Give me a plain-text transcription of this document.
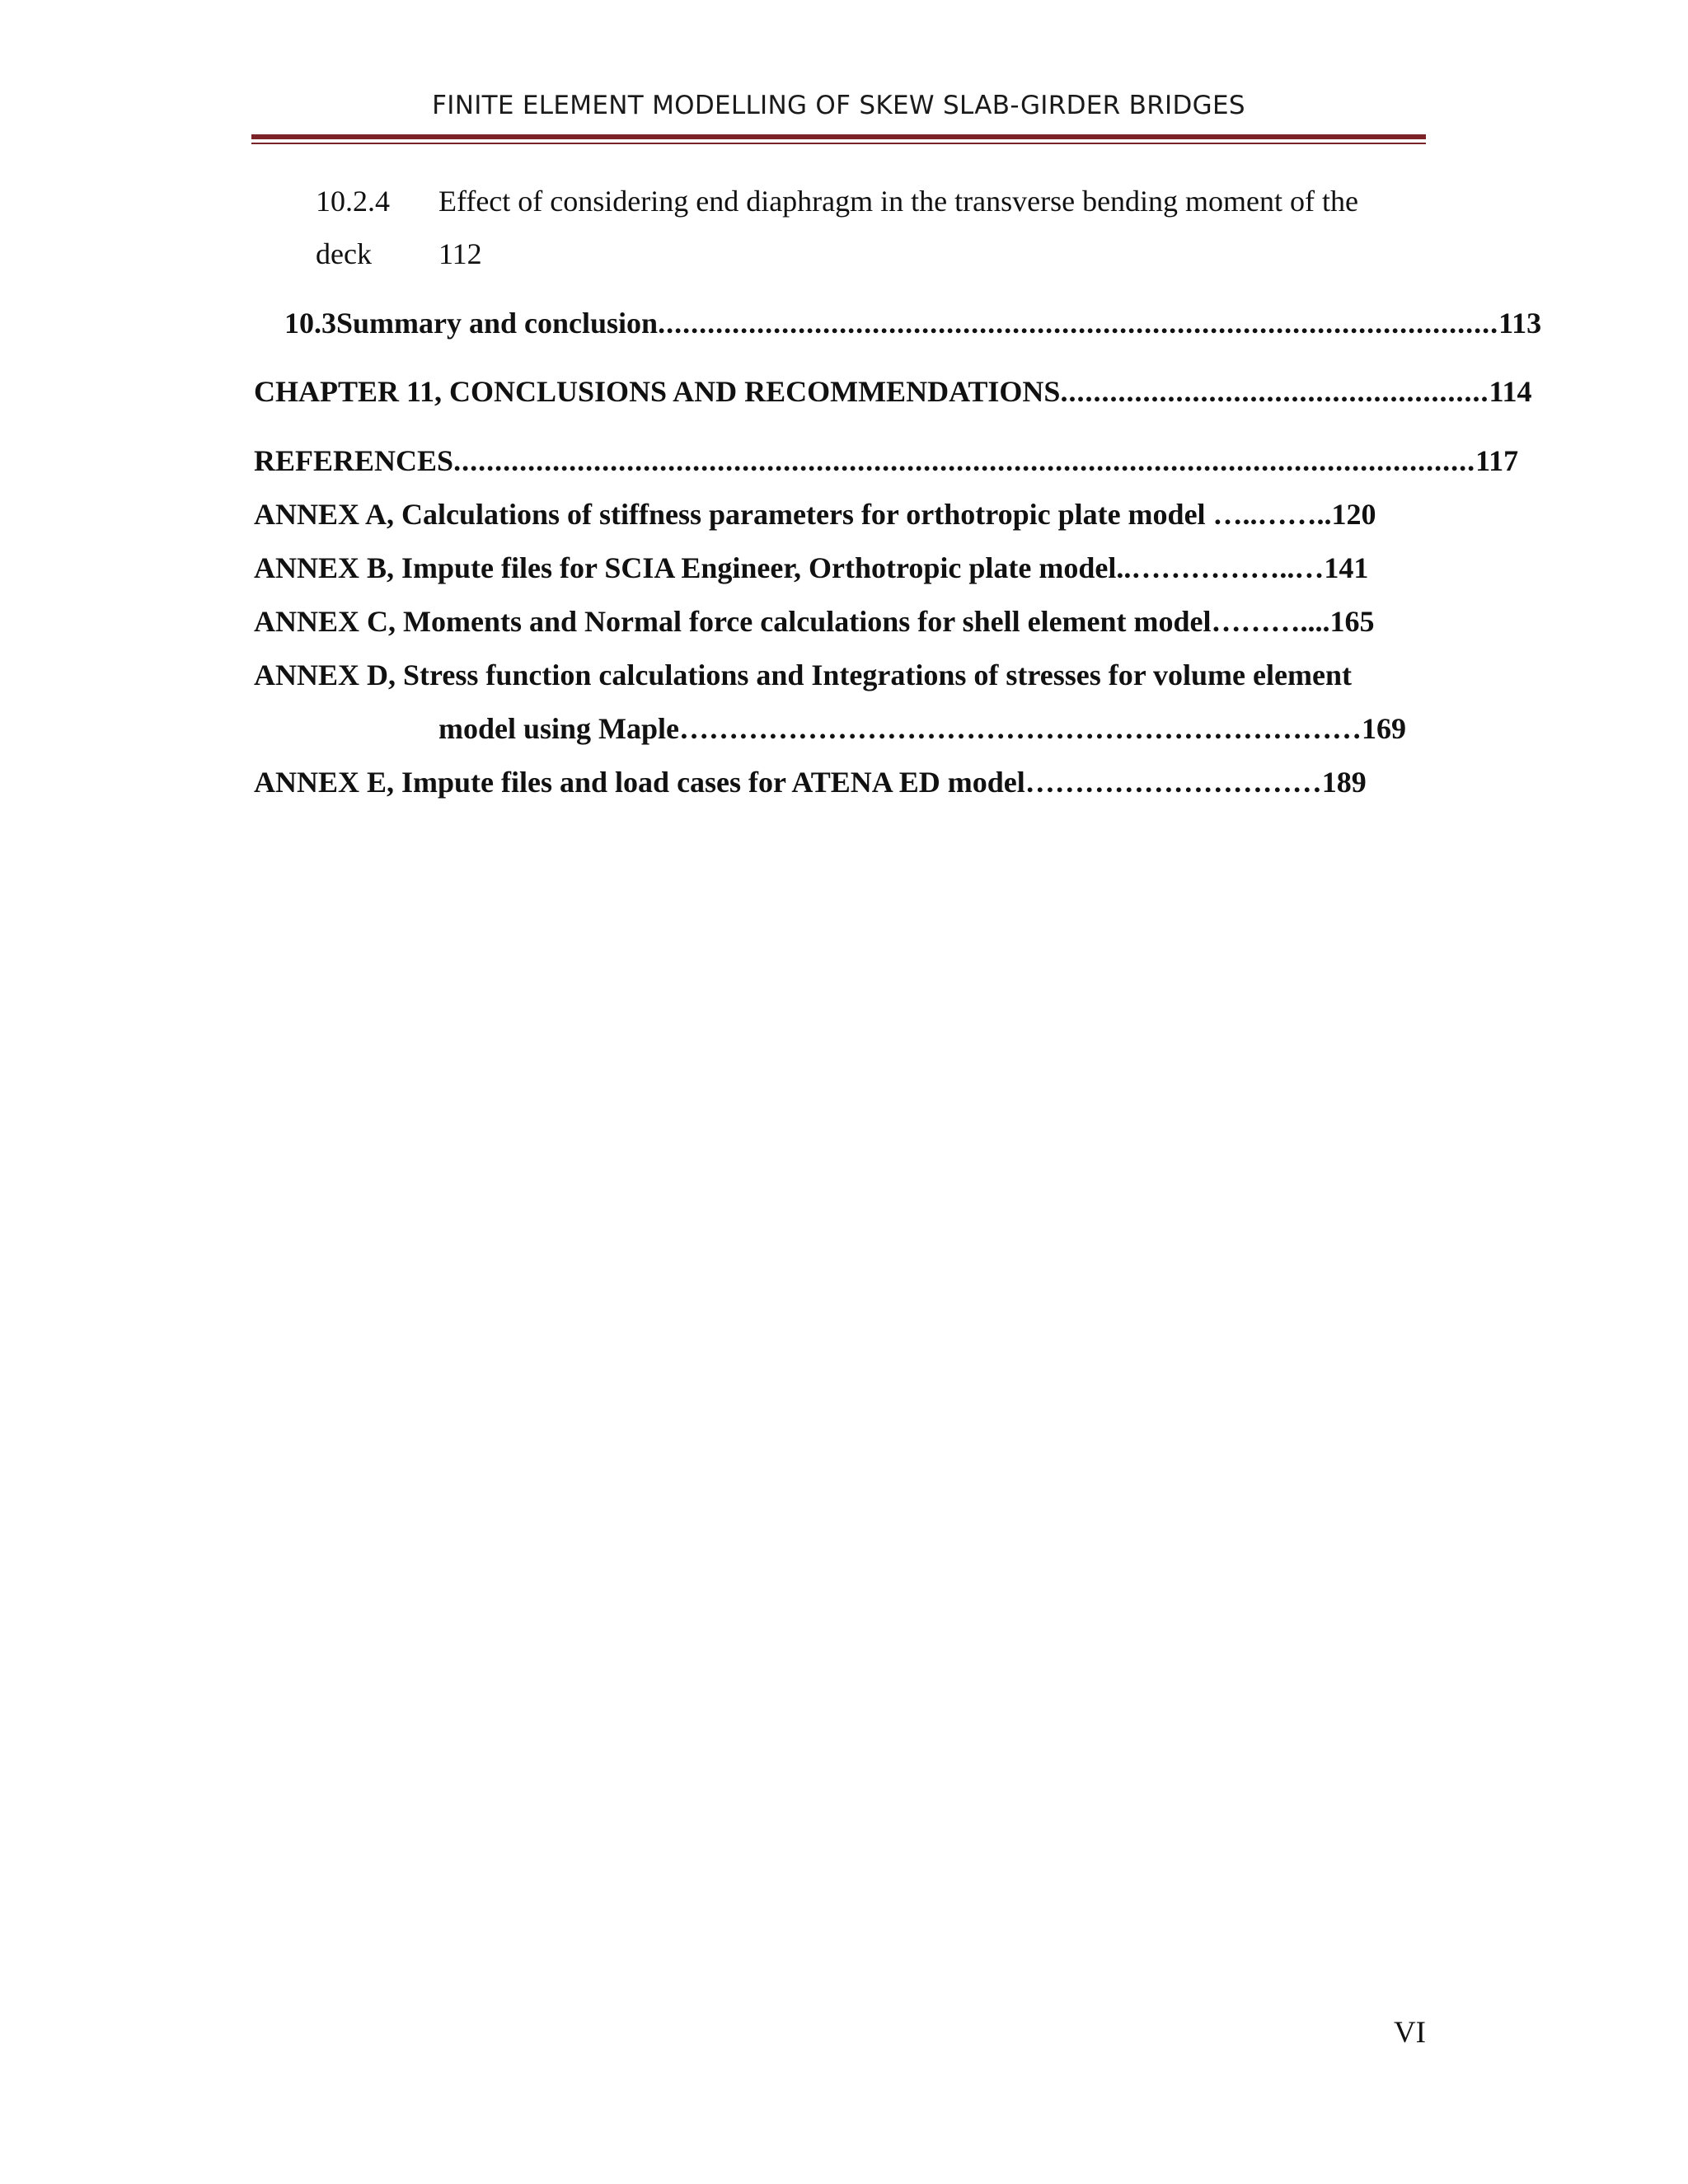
FINITE ELEMENT MODELLING OF SKEW SLAB-GIRDER BRIDGES
10.2.4 Effect of considering end diaphragm in the transverse bending moment of the
deck 112
10.3 Summary and conclusion ...................................................................................................... 113
CHAPTER 11, CONCLUSIONS AND RECOMMENDATIONS .................................................... 114
REFERENCES ............................................................................................................................ 117
ANNEX A, Calculations of stiffness parameters for orthotropic plate model …..……..120
ANNEX B, Impute files for SCIA Engineer, Orthotropic plate model..……………..…141
ANNEX C, Moments and Normal force calculations for shell element model………....165
ANNEX D, Stress function calculations and Integrations of stresses for volume element
model using Maple……………………………………………………………169
ANNEX E, Impute files and load cases for ATENA ED model…………………………189
VI
